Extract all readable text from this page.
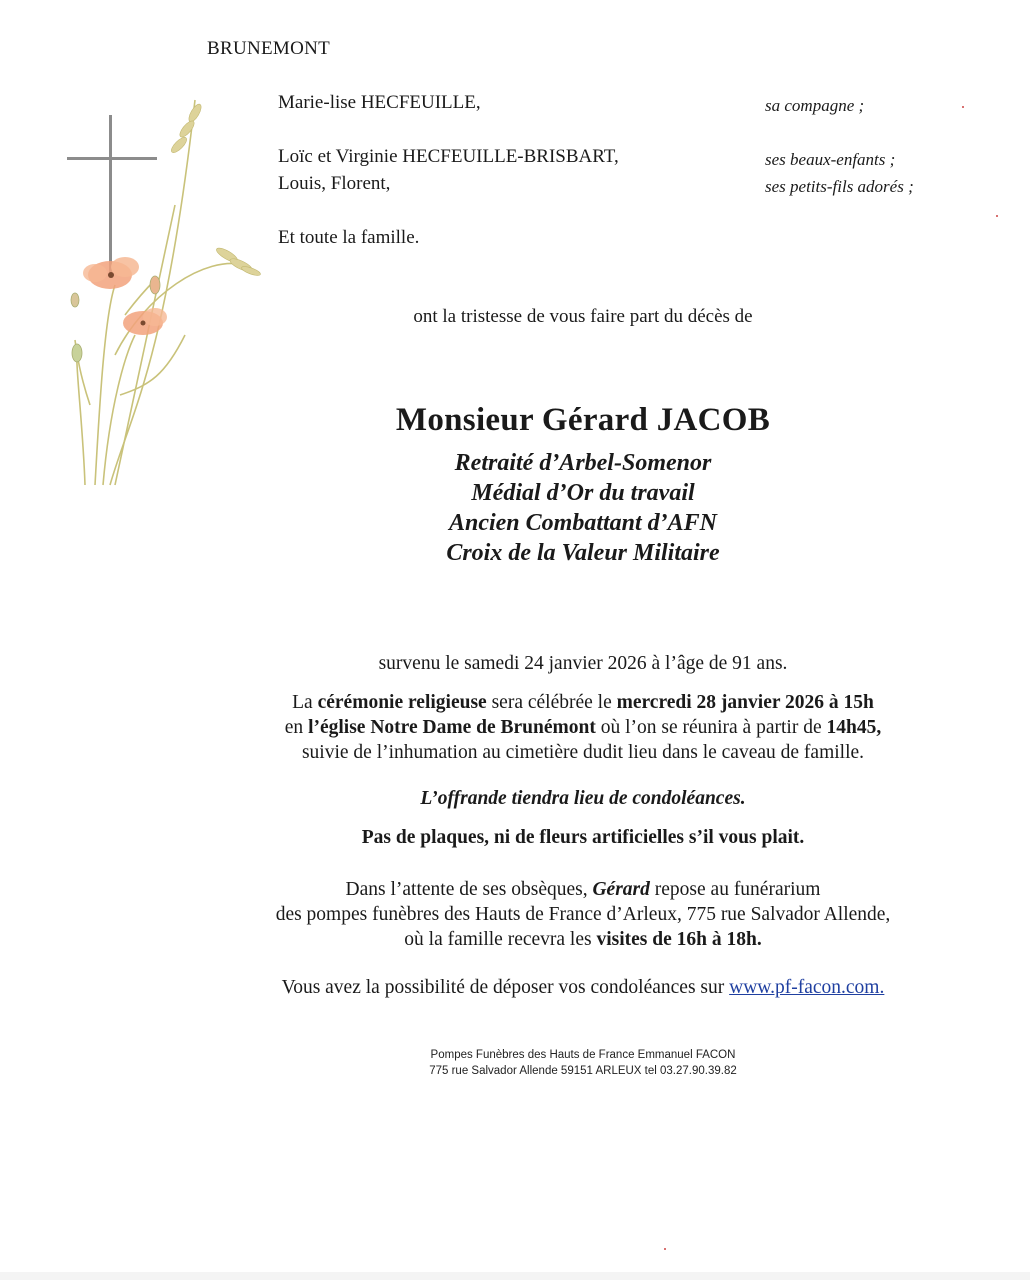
BRUNEMONT
Marie-lise HECFEUILLE,	sa compagne ;
Loïc et Virginie HECFEUILLE-BRISBART,	ses beaux-enfants ;
Louis, Florent,	ses petits-fils adorés ;
Et toute la famille.
ont la tristesse de vous faire part du décès de
Monsieur Gérard JACOB
Retraité d’Arbel-Somenor
Médial d’Or du travail
Ancien Combattant d’AFN
Croix de la Valeur Militaire
survenu le samedi 24 janvier 2026 à l’âge de 91 ans.
La cérémonie religieuse sera célébrée le mercredi 28 janvier 2026 à 15h
en l’église Notre Dame de Brunémont où l’on se réunira à partir de 14h45,
suivie de l’inhumation au cimetière dudit lieu dans le caveau de famille.
L’offrande tiendra lieu de condoléances.
Pas de plaques, ni de fleurs artificielles s’il vous plait.
Dans l’attente de ses obsèques, Gérard repose au funérarium
des pompes funèbres des Hauts de France d’Arleux, 775 rue Salvador Allende,
où la famille recevra les visites de 16h à 18h.
Vous avez la possibilité de déposer vos condoléances sur www.pf-facon.com.
Pompes Funèbres des Hauts de France Emmanuel FACON
775 rue Salvador Allende 59151 ARLEUX tel 03.27.90.39.82
